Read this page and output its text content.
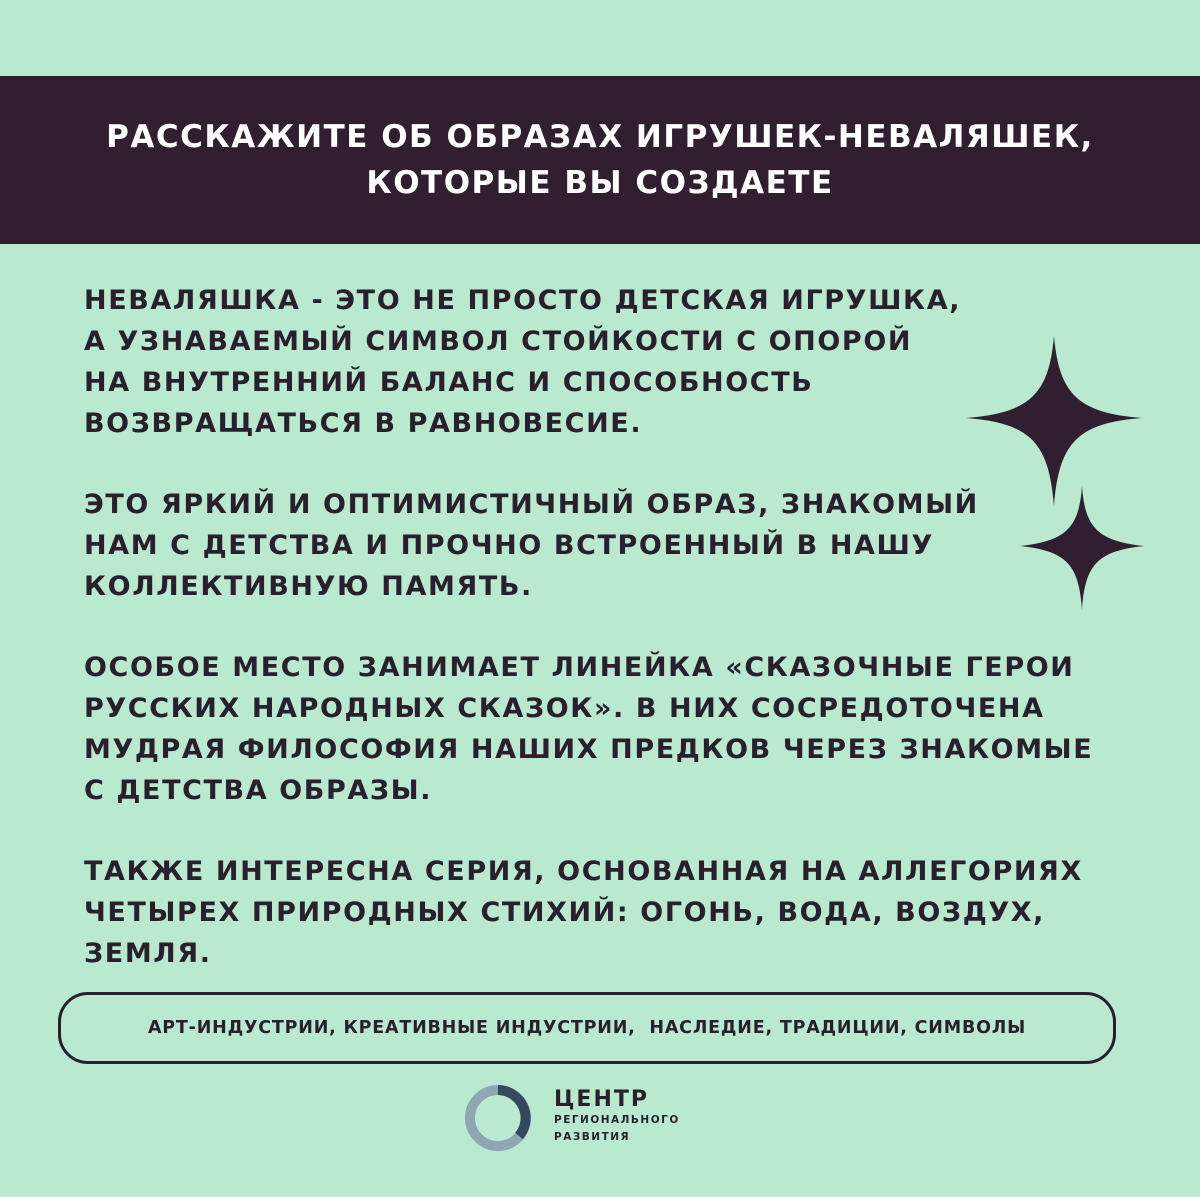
РАССКАЖИТЕ ОБ ОБРАЗАХ ИГРУШЕК-НЕВАЛЯШЕК,
КОТОРЫЕ ВЫ СОЗДАЕТЕ
НЕВАЛЯШКА - ЭТО НЕ ПРОСТО ДЕТСКАЯ ИГРУШКА,
А УЗНАВАЕМЫЙ СИМВОЛ СТОЙКОСТИ С ОПОРОЙ
НА ВНУТРЕННИЙ БАЛАНС И СПОСОБНОСТЬ
ВОЗВРАЩАТЬСЯ В РАВНОВЕСИЕ.
ЭТО ЯРКИЙ И ОПТИМИСТИЧНЫЙ ОБРАЗ, ЗНАКОМЫЙ
НАМ С ДЕТСТВА И ПРОЧНО ВСТРОЕННЫЙ В НАШУ
КОЛЛЕКТИВНУЮ ПАМЯТЬ.
ОСОБОЕ МЕСТО ЗАНИМАЕТ ЛИНЕЙКА «СКАЗОЧНЫЕ ГЕРОИ
РУССКИХ НАРОДНЫХ СКАЗОК». В НИХ СОСРЕДОТОЧЕНА
МУДРАЯ ФИЛОСОФИЯ НАШИХ ПРЕДКОВ ЧЕРЕЗ ЗНАКОМЫЕ
С ДЕТСТВА ОБРАЗЫ.
ТАКЖЕ ИНТЕРЕСНА СЕРИЯ, ОСНОВАННАЯ НА АЛЛЕГОРИЯХ
ЧЕТЫРЕХ ПРИРОДНЫХ СТИХИЙ: ОГОНЬ, ВОДА, ВОЗДУХ,
ЗЕМЛЯ.
АРТ-ИНДУСТРИИ, КРЕАТИВНЫЕ ИНДУСТРИИ,  НАСЛЕДИЕ, ТРАДИЦИИ, СИМВОЛЫ
ЦЕНТР
РЕГИОНАЛЬНОГО
РАЗВИТИЯ
